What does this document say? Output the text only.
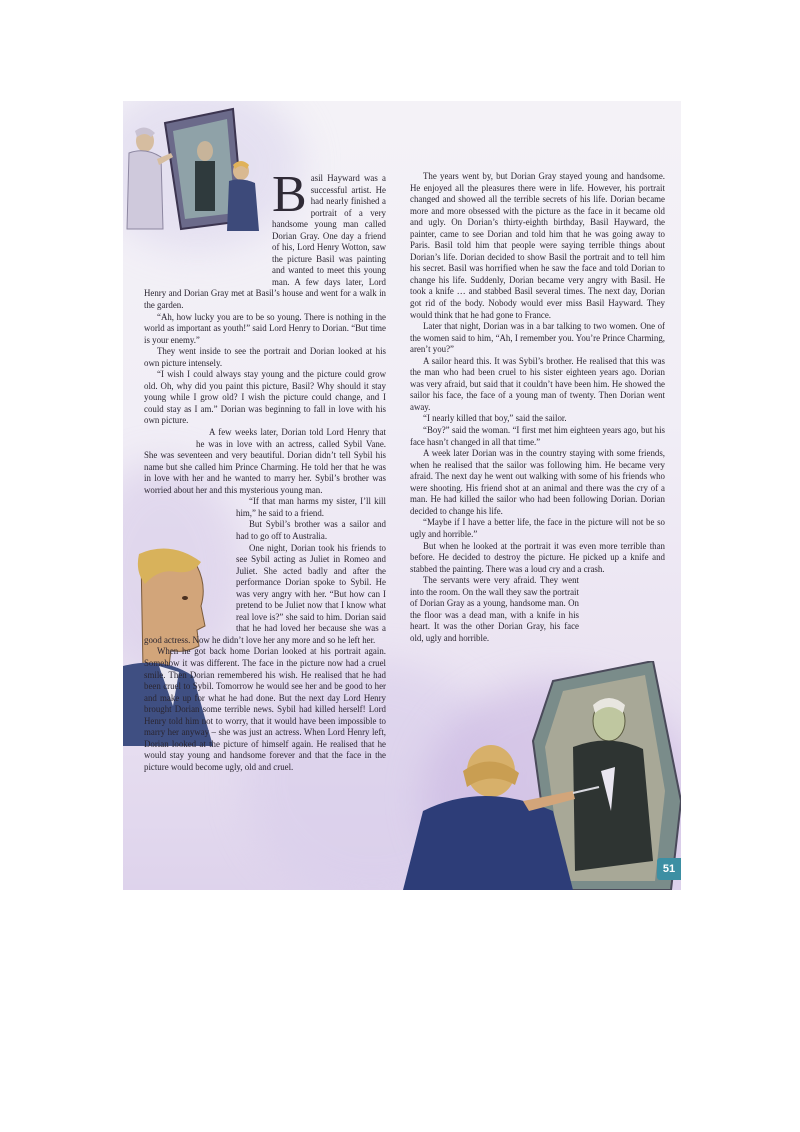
Basil Hayward was a successful artist. He had nearly finished a portrait of a very handsome young man called Dorian Gray. One day a friend of his, Lord Henry Wotton, saw the picture Basil was painting and wanted to meet this young man. A few days later, Lord Henry and Dorian Gray met at Basil’s house and went for a walk in the garden.

“Ah, how lucky you are to be so young. There is nothing in the world as important as youth!” said Lord Henry to Dorian. “But time is your enemy.”

They went inside to see the portrait and Dorian looked at his own picture intensely.

“I wish I could always stay young and the picture could grow old. Oh, why did you paint this picture, Basil? Why should it stay young while I grow old? I wish the picture could change, and I could stay as I am.” Dorian was beginning to fall in love with his own picture.

A few weeks later, Dorian told Lord Henry that he was in love with an actress, called Sybil Vane. She was seventeen and very beautiful. Dorian didn’t tell Sybil his name but she called him Prince Charming. He told her that he was in love with her and he wanted to marry her. Sybil’s brother was worried about her and this mysterious young man.

“If that man harms my sister, I’ll kill him,” he said to a friend.

But Sybil’s brother was a sailor and had to go off to Australia.

One night, Dorian took his friends to see Sybil acting as Juliet in Romeo and Juliet. She acted badly and after the performance Dorian spoke to Sybil. He was very angry with her. “But how can I pretend to be Juliet now that I know what real love is?” she said to him. Dorian said that he had loved her because she was a good actress. Now he didn’t love her any more and so he left her.

When he got back home Dorian looked at his portrait again. Somehow it was different. The face in the picture now had a cruel smile. Then Dorian remembered his wish. He realised that he had been cruel to Sybil. Tomorrow he would see her and be good to her and make up for what he had done. But the next day Lord Henry brought Dorian some terrible news. Sybil had killed herself! Lord Henry told him not to worry, that it would have been impossible to marry her anyway – she was just an actress. When Lord Henry left, Dorian looked at the picture of himself again. He realised that he would stay young and handsome forever and that the face in the picture would become ugly, old and cruel.

The years went by, but Dorian Gray stayed young and handsome. He enjoyed all the pleasures there were in life. However, his portrait changed and showed all the terrible secrets of his life. Dorian became more and more obsessed with the picture as the face in it became old and ugly. On Dorian’s thirty-eighth birthday, Basil Hayward, the painter, came to see Dorian and told him that he was going away to Paris. Basil told him that people were saying terrible things about Dorian’s life. Dorian decided to show Basil the portrait and to tell him his secret. Basil was horrified when he saw the face and told Dorian to change his life. Suddenly, Dorian became very angry with Basil. He took a knife … and stabbed Basil several times. The next day, Dorian got rid of the body. Nobody would ever miss Basil Hayward. They would think that he had gone to France.

Later that night, Dorian was in a bar talking to two women. One of the women said to him, “Ah, I remember you. You’re Prince Charming, aren’t you?”

A sailor heard this. It was Sybil’s brother. He realised that this was the man who had been cruel to his sister eighteen years ago. Dorian was very afraid, but said that it couldn’t have been him. He showed the sailor his face, the face of a young man of twenty. Then Dorian went away.

“I nearly killed that boy,” said the sailor.

“Boy?” said the woman. “I first met him eighteen years ago, but his face hasn’t changed in all that time.”

A week later Dorian was in the country staying with some friends, when he realised that the sailor was following him. He became very afraid. The next day he went out walking with some of his friends who were shooting. His friend shot at an animal and there was the cry of a man. He had killed the sailor who had been following Dorian. Dorian decided to change his life.

“Maybe if I have a better life, the face in the picture will not be so ugly and horrible.”

But when he looked at the portrait it was even more terrible than before. He decided to destroy the picture. He picked up a knife and stabbed the painting. There was a loud cry and a crash.

The servants were very afraid. They went into the room. On the wall they saw the portrait of Dorian Gray as a young, handsome man. On the floor was a dead man, with a knife in his heart. It was the other Dorian Gray, his face old, ugly and horrible.

51
